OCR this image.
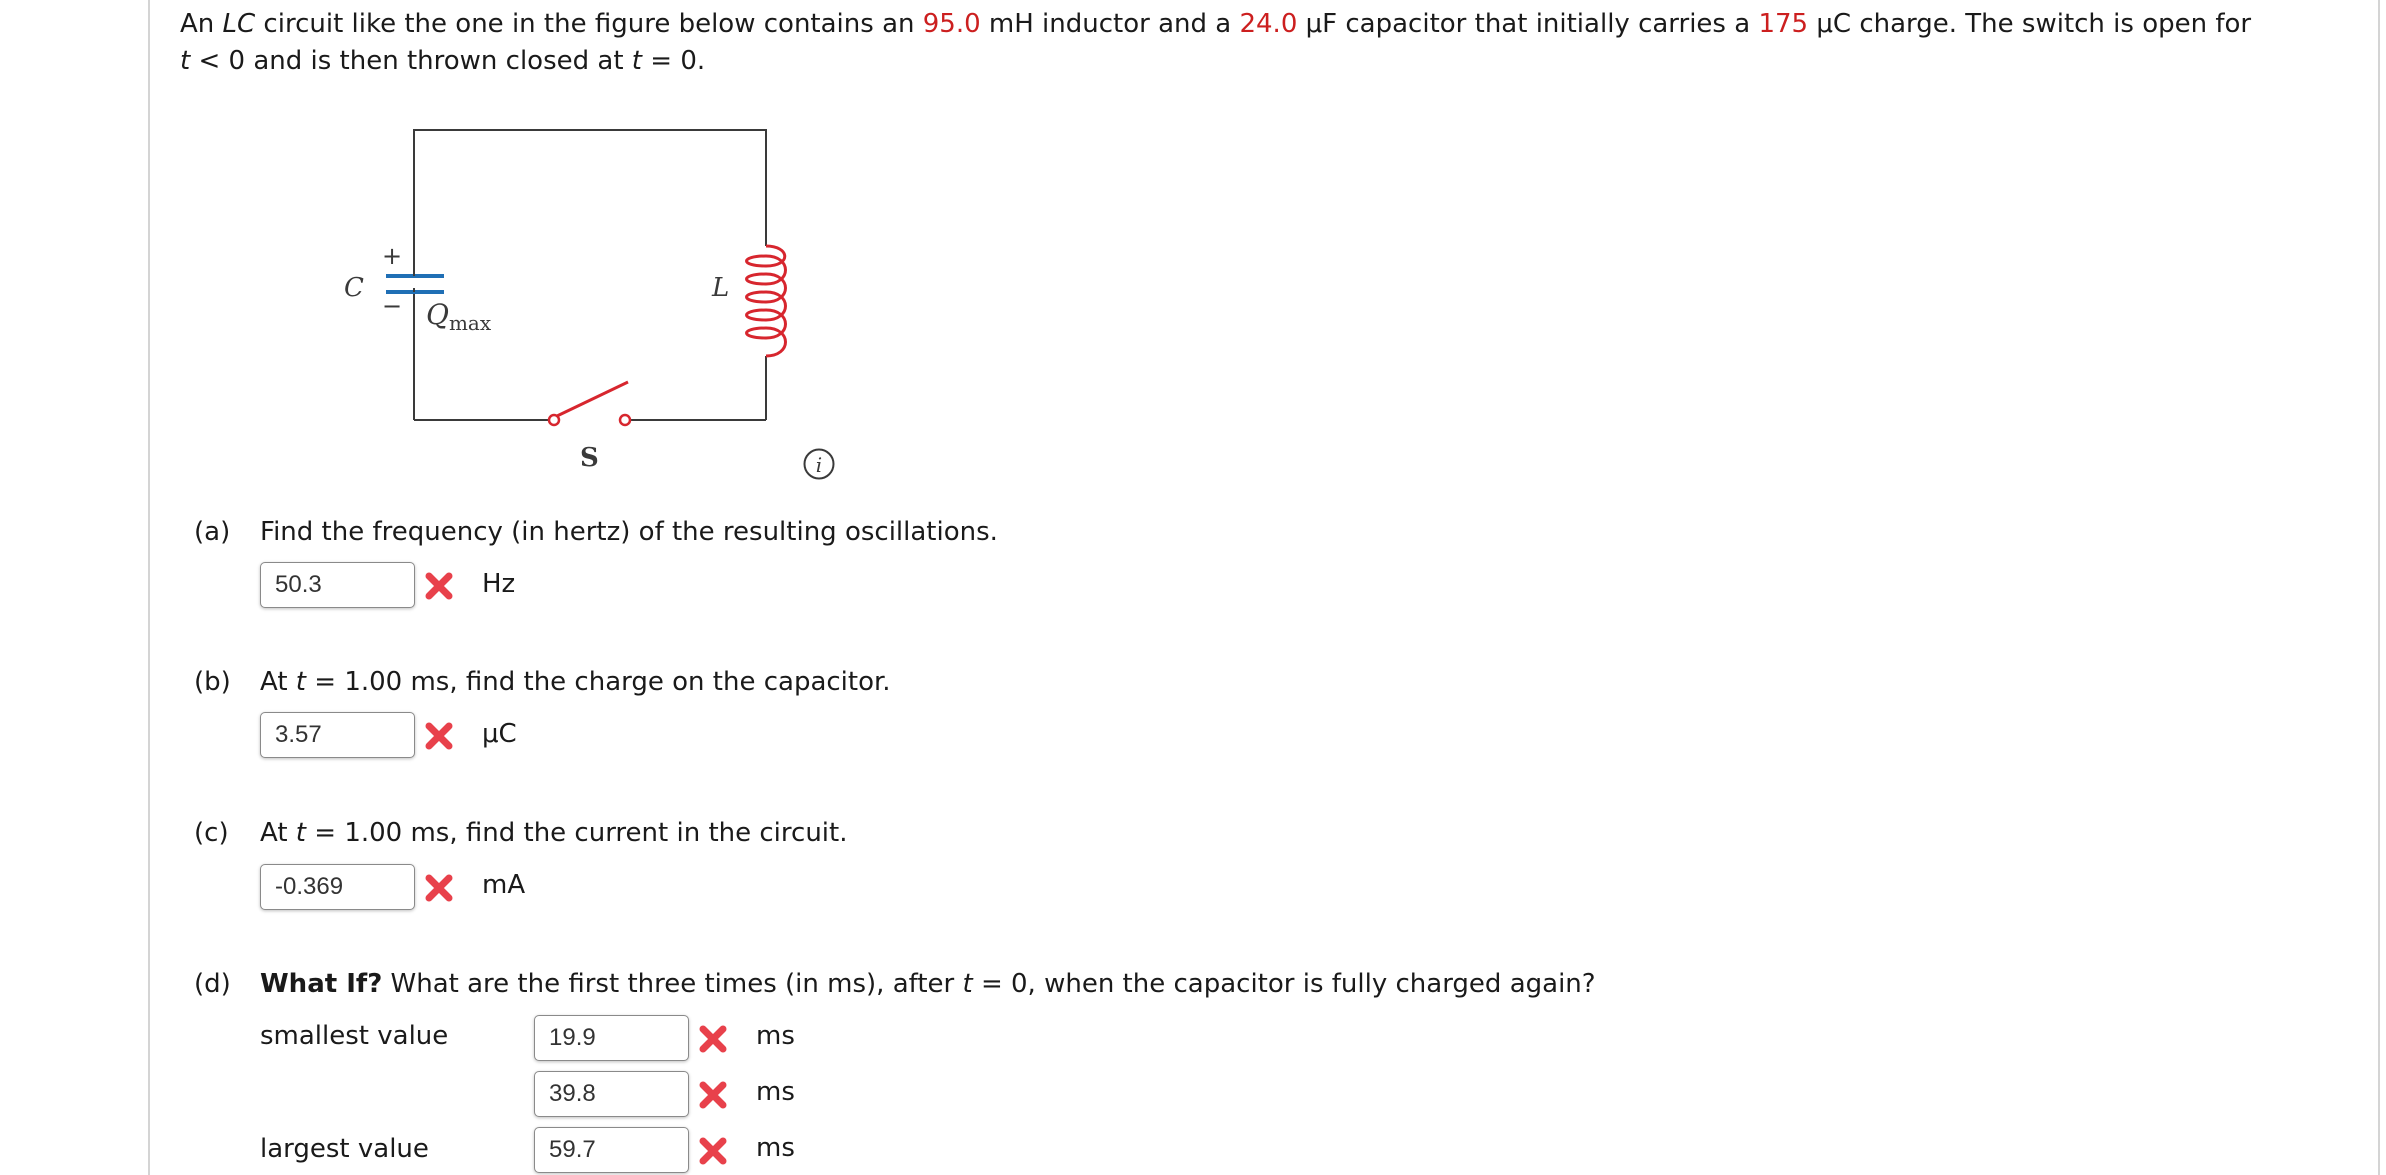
An LC circuit like the one in the figure below contains an 95.0 mH inductor and a 24.0 μF capacitor that initially carries a 175 μC charge. The switch is open for
t < 0 and is then thrown closed at t = 0.
C
+
− $Q_{max}$
L
S	i
(a) Find the frequency (in hertz) of the resulting oscillations.
50.3	Hz
(b) At t = 1.00 ms, find the charge on the capacitor.
3.57	μC
(c) At t = 1.00 ms, find the current in the circuit.
-0.369	mA
(d) What If? What are the first three times (in ms), after t = 0, when the capacitor is fully charged again?
smallest value	19.9	ms
39.8	ms
largest value	59.7	ms
